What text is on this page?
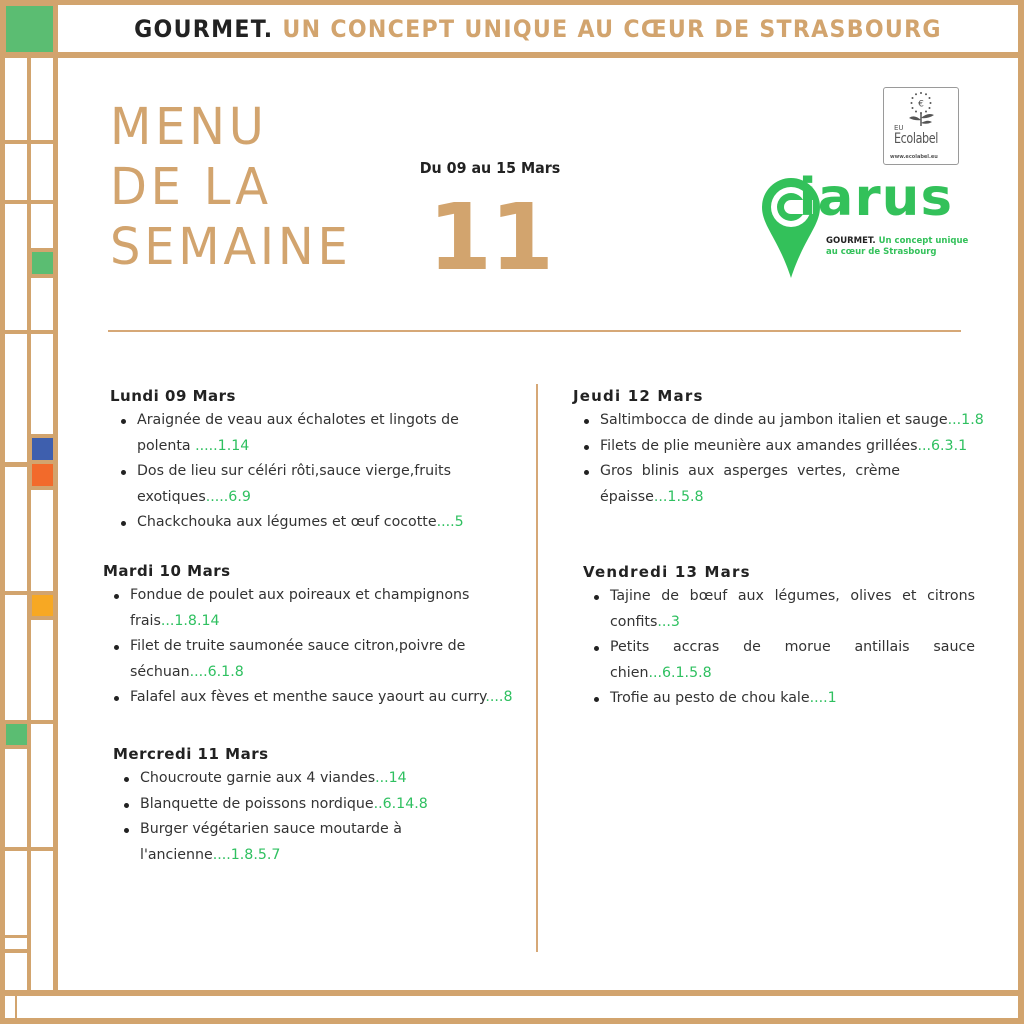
GOURMET. UN CONCEPT UNIQUE AU CŒUR DE STRASBOURG
MENU
DE LA
SEMAINE
Du 09 au 15 Mars
11
€
EU
Ecolabel
www.ecolabel.eu
iarus
GOURMET. Un concept unique
au cœur de Strasbourg
Lundi 09 Mars
Araignée de veau aux échalotes et lingots de polenta .....1.14
Dos de lieu sur céléri rôti,sauce vierge,fruits exotiques.....6.9
Chackchouka aux légumes et œuf cocotte....5
Mardi 10 Mars
Fondue de poulet aux poireaux et champignons frais...1.8.14
Filet de truite saumonée sauce citron,poivre de séchuan....6.1.8
Falafel aux fèves et menthe sauce yaourt au curry....8
Mercredi 11 Mars
Choucroute garnie aux 4 viandes...14
Blanquette de poissons nordique..6.14.8
Burger végétarien sauce moutarde à l'ancienne....1.8.5.7
Jeudi 12 Mars
Saltimbocca de dinde au jambon italien et sauge...1.8
Filets de plie meunière aux amandes grillées...6.3.1
Gros blinis aux asperges vertes, crème épaisse...1.5.8
Vendredi 13 Mars
Tajine de bœuf aux légumes, olives et citrons confits...3
Petits accras de morue antillais sauce chien...6.1.5.8
Trofie au pesto de chou kale....1
